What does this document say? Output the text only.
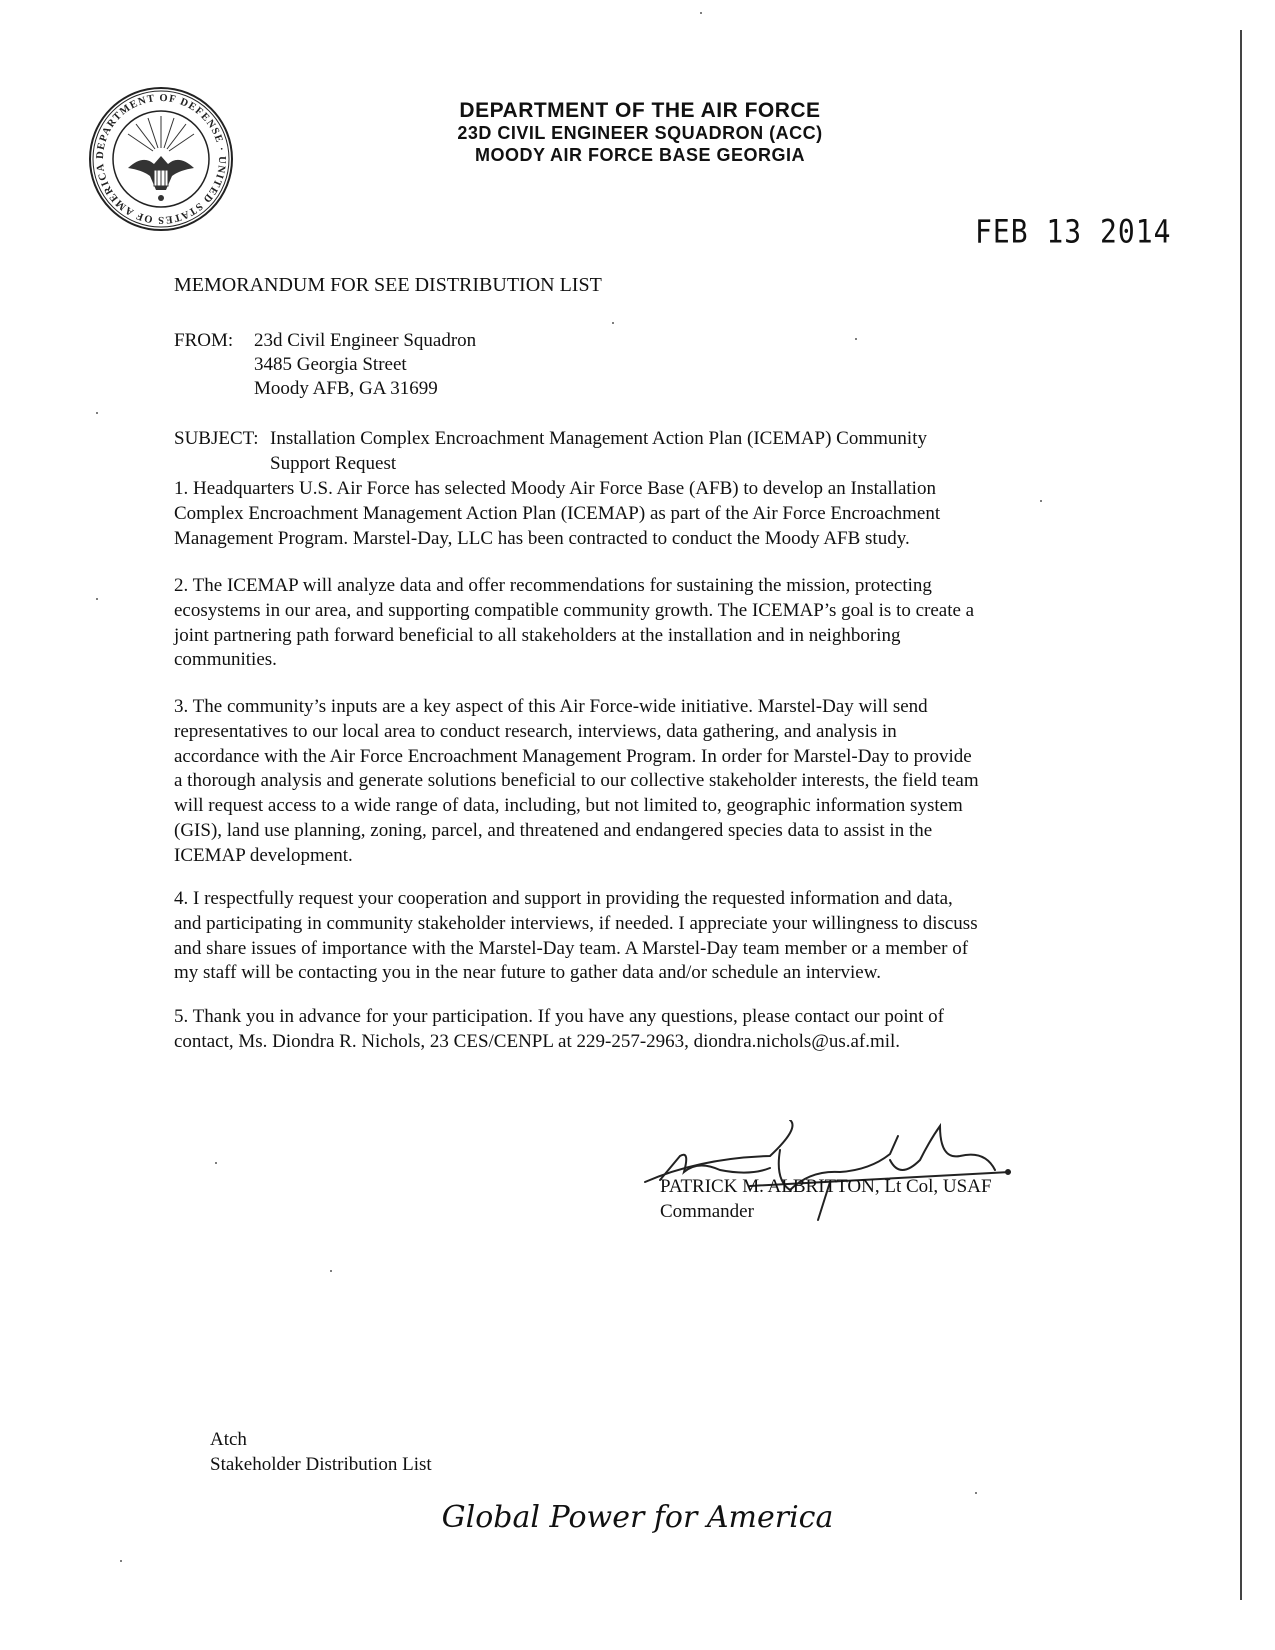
DEPARTMENT OF DEFENSE · UNITED STATES OF AMERICA
DEPARTMENT OF THE AIR FORCE
23D CIVIL ENGINEER SQUADRON (ACC)
MOODY AIR FORCE BASE GEORGIA
FEB 13 2014
MEMORANDUM FOR SEE DISTRIBUTION LIST
FROM: 23d Civil Engineer Squadron
3485 Georgia Street
Moody AFB, GA 31699
SUBJECT: Installation Complex Encroachment Management Action Plan (ICEMAP) Community
Support Request
1. Headquarters U.S. Air Force has selected Moody Air Force Base (AFB) to develop an Installation
Complex Encroachment Management Action Plan (ICEMAP) as part of the Air Force Encroachment
Management Program. Marstel-Day, LLC has been contracted to conduct the Moody AFB study.
2. The ICEMAP will analyze data and offer recommendations for sustaining the mission, protecting
ecosystems in our area, and supporting compatible community growth. The ICEMAP’s goal is to create a
joint partnering path forward beneficial to all stakeholders at the installation and in neighboring
communities.
3. The community’s inputs are a key aspect of this Air Force-wide initiative. Marstel-Day will send
representatives to our local area to conduct research, interviews, data gathering, and analysis in
accordance with the Air Force Encroachment Management Program. In order for Marstel-Day to provide
a thorough analysis and generate solutions beneficial to our collective stakeholder interests, the field team
will request access to a wide range of data, including, but not limited to, geographic information system
(GIS), land use planning, zoning, parcel, and threatened and endangered species data to assist in the
ICEMAP development.
4. I respectfully request your cooperation and support in providing the requested information and data,
and participating in community stakeholder interviews, if needed. I appreciate your willingness to discuss
and share issues of importance with the Marstel-Day team. A Marstel-Day team member or a member of
my staff will be contacting you in the near future to gather data and/or schedule an interview.
5. Thank you in advance for your participation. If you have any questions, please contact our point of
contact, Ms. Diondra R. Nichols, 23 CES/CENPL at 229-257-2963, diondra.nichols@us.af.mil.
PATRICK M. ALBRITTON, Lt Col, USAF
Commander
Atch
Stakeholder Distribution List
Global Power for America
